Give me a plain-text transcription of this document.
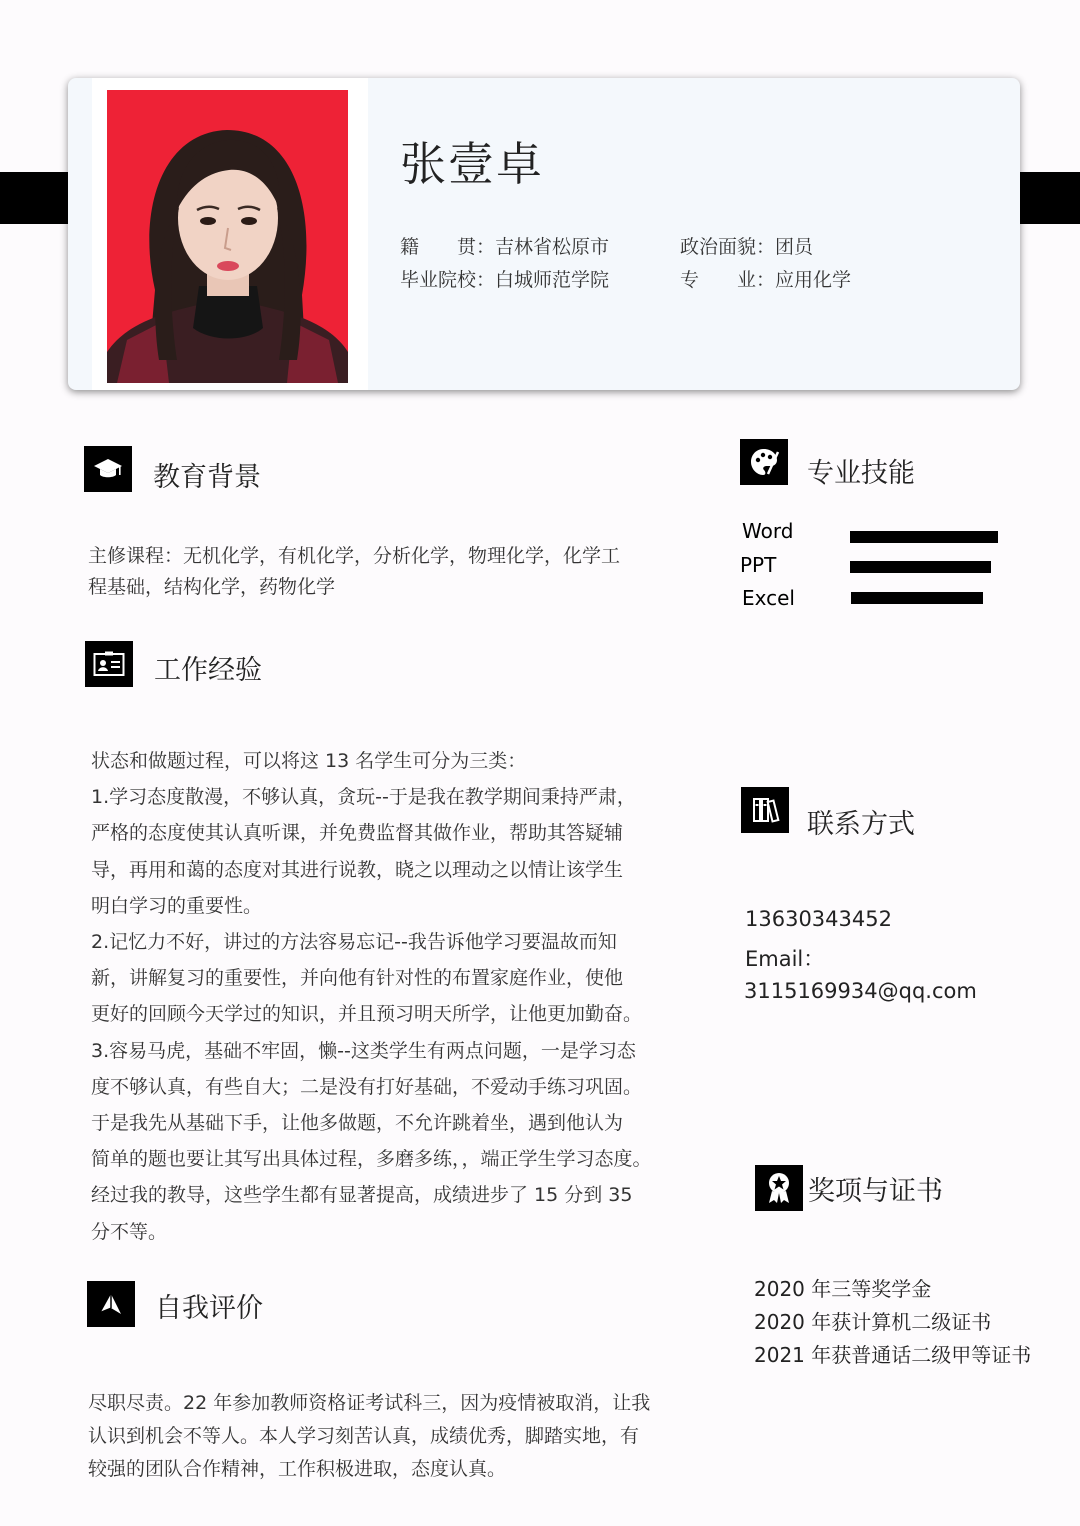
张壹卓
籍　　贯：吉林省松原市	政治面貌：团员
毕业院校：白城师范学院	专　　业：应用化学
教育背景

主修课程：无机化学，有机化学，分析化学，物理化学，化学工

程基础，结构化学，药物化学

工作经验

状态和做题过程，可以将这 13 名学生可分为三类：

1.学习态度散漫，不够认真，贪玩--于是我在教学期间秉持严肃，

严格的态度使其认真听课，并免费监督其做作业，帮助其答疑辅

导，再用和蔼的态度对其进行说教，晓之以理动之以情让该学生

明白学习的重要性。

2.记忆力不好，讲过的方法容易忘记--我告诉他学习要温故而知

新，讲解复习的重要性，并向他有针对性的布置家庭作业，使他

更好的回顾今天学过的知识，并且预习明天所学，让他更加勤奋。

3.容易马虎，基础不牢固，懒--这类学生有两点问题，一是学习态

度不够认真，有些自大；二是没有打好基础，不爱动手练习巩固。

于是我先从基础下手，让他多做题，不允许跳着坐，遇到他认为

简单的题也要让其写出具体过程，多磨多练，，端正学生学习态度。

经过我的教导，这些学生都有显著提高，成绩进步了 15 分到 35

分不等。

自我评价

尽职尽责。22 年参加教师资格证考试科三，因为疫情被取消，让我

认识到机会不等人。本人学习刻苦认真，成绩优秀，脚踏实地，有

较强的团队合作精神，工作积极进取，态度认真。

专业技能
Word
PPT
Excel
联系方式
13630343452
Email：
3115169934@qq.com
奖项与证书
2020 年三等奖学金
2020 年获计算机二级证书
2021 年获普通话二级甲等证书
